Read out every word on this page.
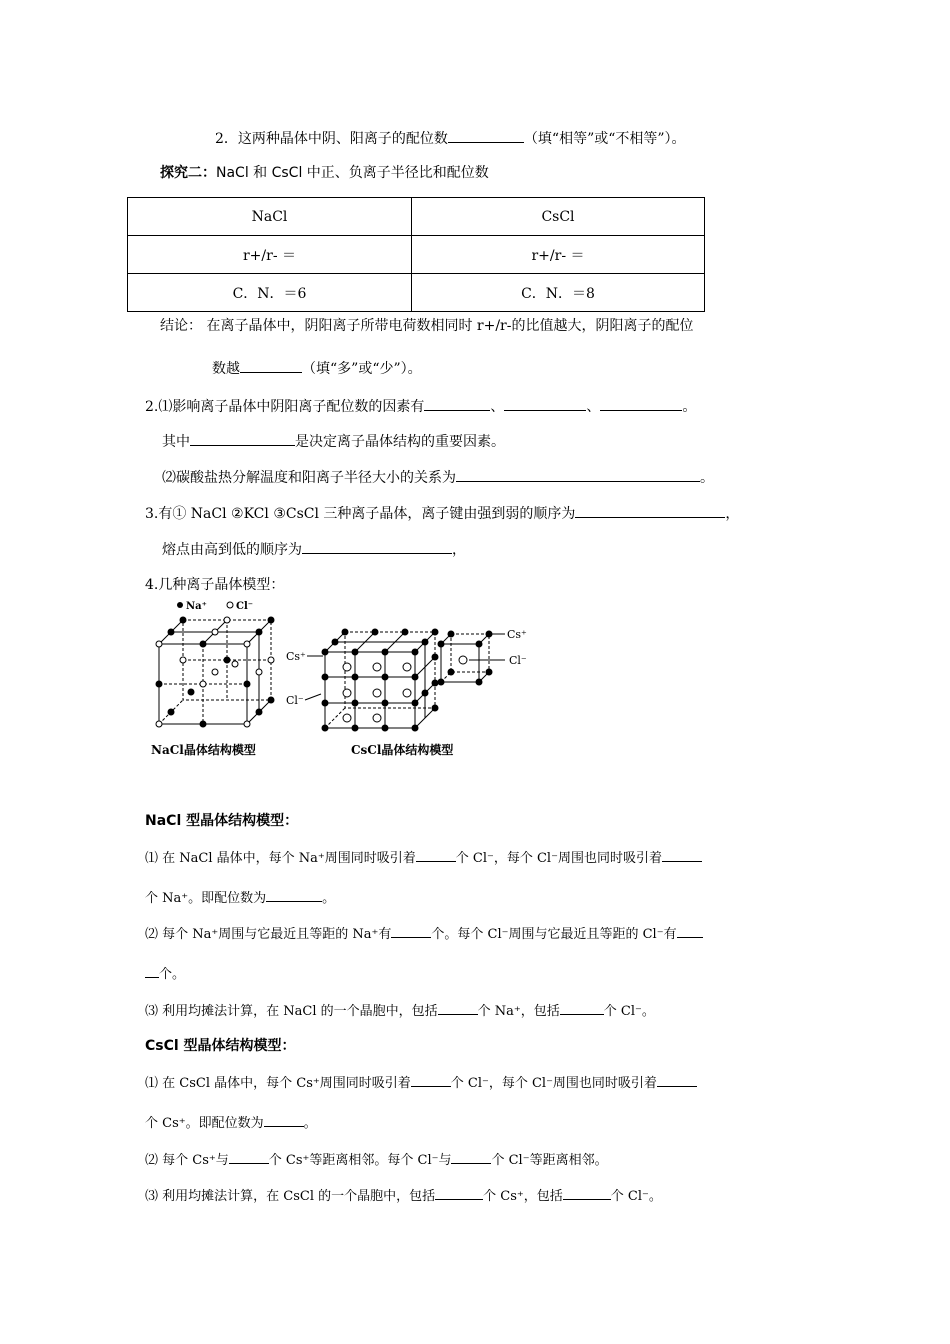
2．这两种晶体中阴、阳离子的配位数	（填“相等”或“不相等”）。
探究二：NaCl 和 CsCl 中正、负离子半径比和配位数
NaCl	CsCl
r+/r- ＝	r+/r- ＝
C．N．＝6	C．N．＝8
结论： 在离子晶体中，阴阳离子所带电荷数相同时 r+/r-的比值越大，阴阳离子的配位
数越	（填“多”或“少”）。
2.⑴影响离子晶体中阴阳离子配位数的因素有	、	、	。
其中	是决定离子晶体结构的重要因素。
⑵碳酸盐热分解温度和阳离子半径大小的关系为	。
3.有① NaCl ②KCl ③CsCl 三种离子晶体，离子键由强到弱的顺序为	，
熔点由高到低的顺序为	，
4.几种离子晶体模型：
Na⁺	Cl⁻
Cs⁺
Cl⁻
Cs⁺
Cl⁻
NaCl晶体结构模型	CsCl晶体结构模型
NaCl 型晶体结构模型：
⑴ 在 NaCl 晶体中，每个 Na⁺周围同时吸引着	个 Cl⁻，每个 Cl⁻周围也同时吸引着
个 Na⁺。即配位数为	。
⑵ 每个 Na⁺周围与它最近且等距的 Na⁺有	个。每个 Cl⁻周围与它最近且等距的 Cl⁻有
个。
⑶ 利用均摊法计算，在 NaCl 的一个晶胞中，包括	个 Na⁺，包括	个 Cl⁻。
CsCl 型晶体结构模型：
⑴ 在 CsCl 晶体中，每个 Cs⁺周围同时吸引着	个 Cl⁻，每个 Cl⁻周围也同时吸引着
个 Cs⁺。即配位数为	。
⑵ 每个 Cs⁺与	个 Cs⁺等距离相邻。每个 Cl⁻与	个 Cl⁻等距离相邻。
⑶ 利用均摊法计算，在 CsCl 的一个晶胞中，包括	个 Cs⁺，包括	个 Cl⁻。
